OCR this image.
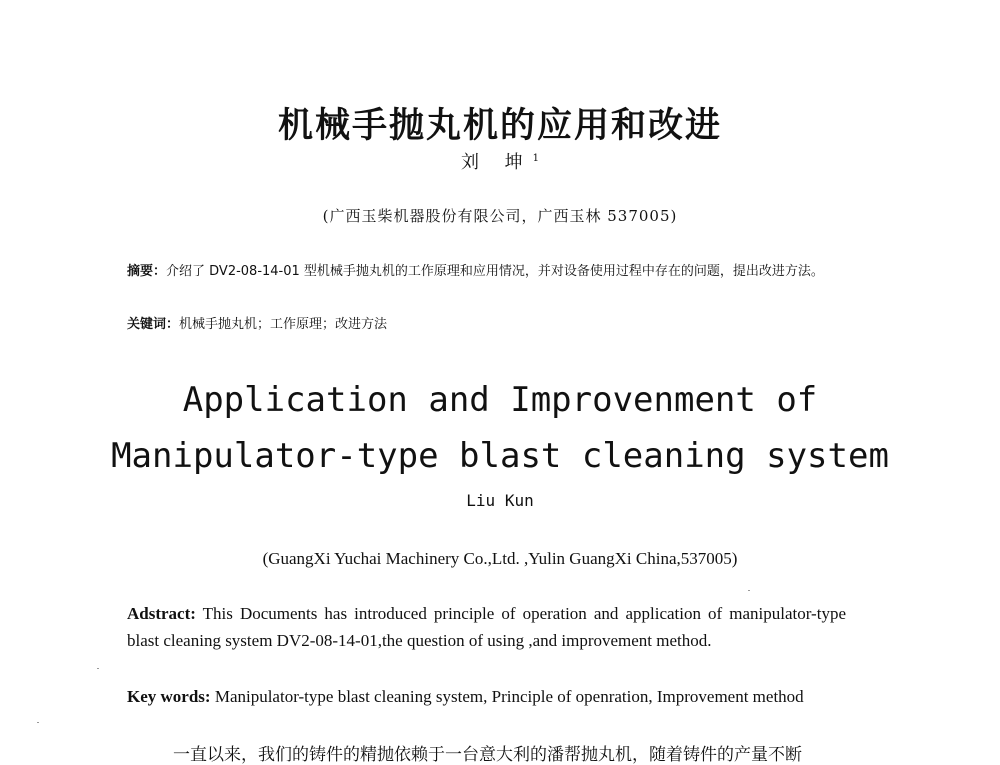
机械手抛丸机的应用和改进
刘 坤$^1$
(广西玉柴机器股份有限公司，广西玉林 537005)
摘要：介绍了 DV2-08-14-01 型机械手抛丸机的工作原理和应用情况，并对设备使用过程中存在的问题，提出改进方法。
关键词：机械手抛丸机；工作原理；改进方法
Application and Improvenment of
Manipulator-type blast cleaning system
Liu Kun
(GuangXi Yuchai Machinery Co.,Ltd. ,Yulin GuangXi China,537005)
Adstract: This Documents has introduced principle of operation and application of manipulator-type blast cleaning system DV2-08-14-01,the question of using ,and improvement method.
Key words: Manipulator-type blast cleaning system, Principle of openration, Improvement method
一直以来，我们的铸件的精抛依赖于一台意大利的潘帮抛丸机，随着铸件的产量不断
